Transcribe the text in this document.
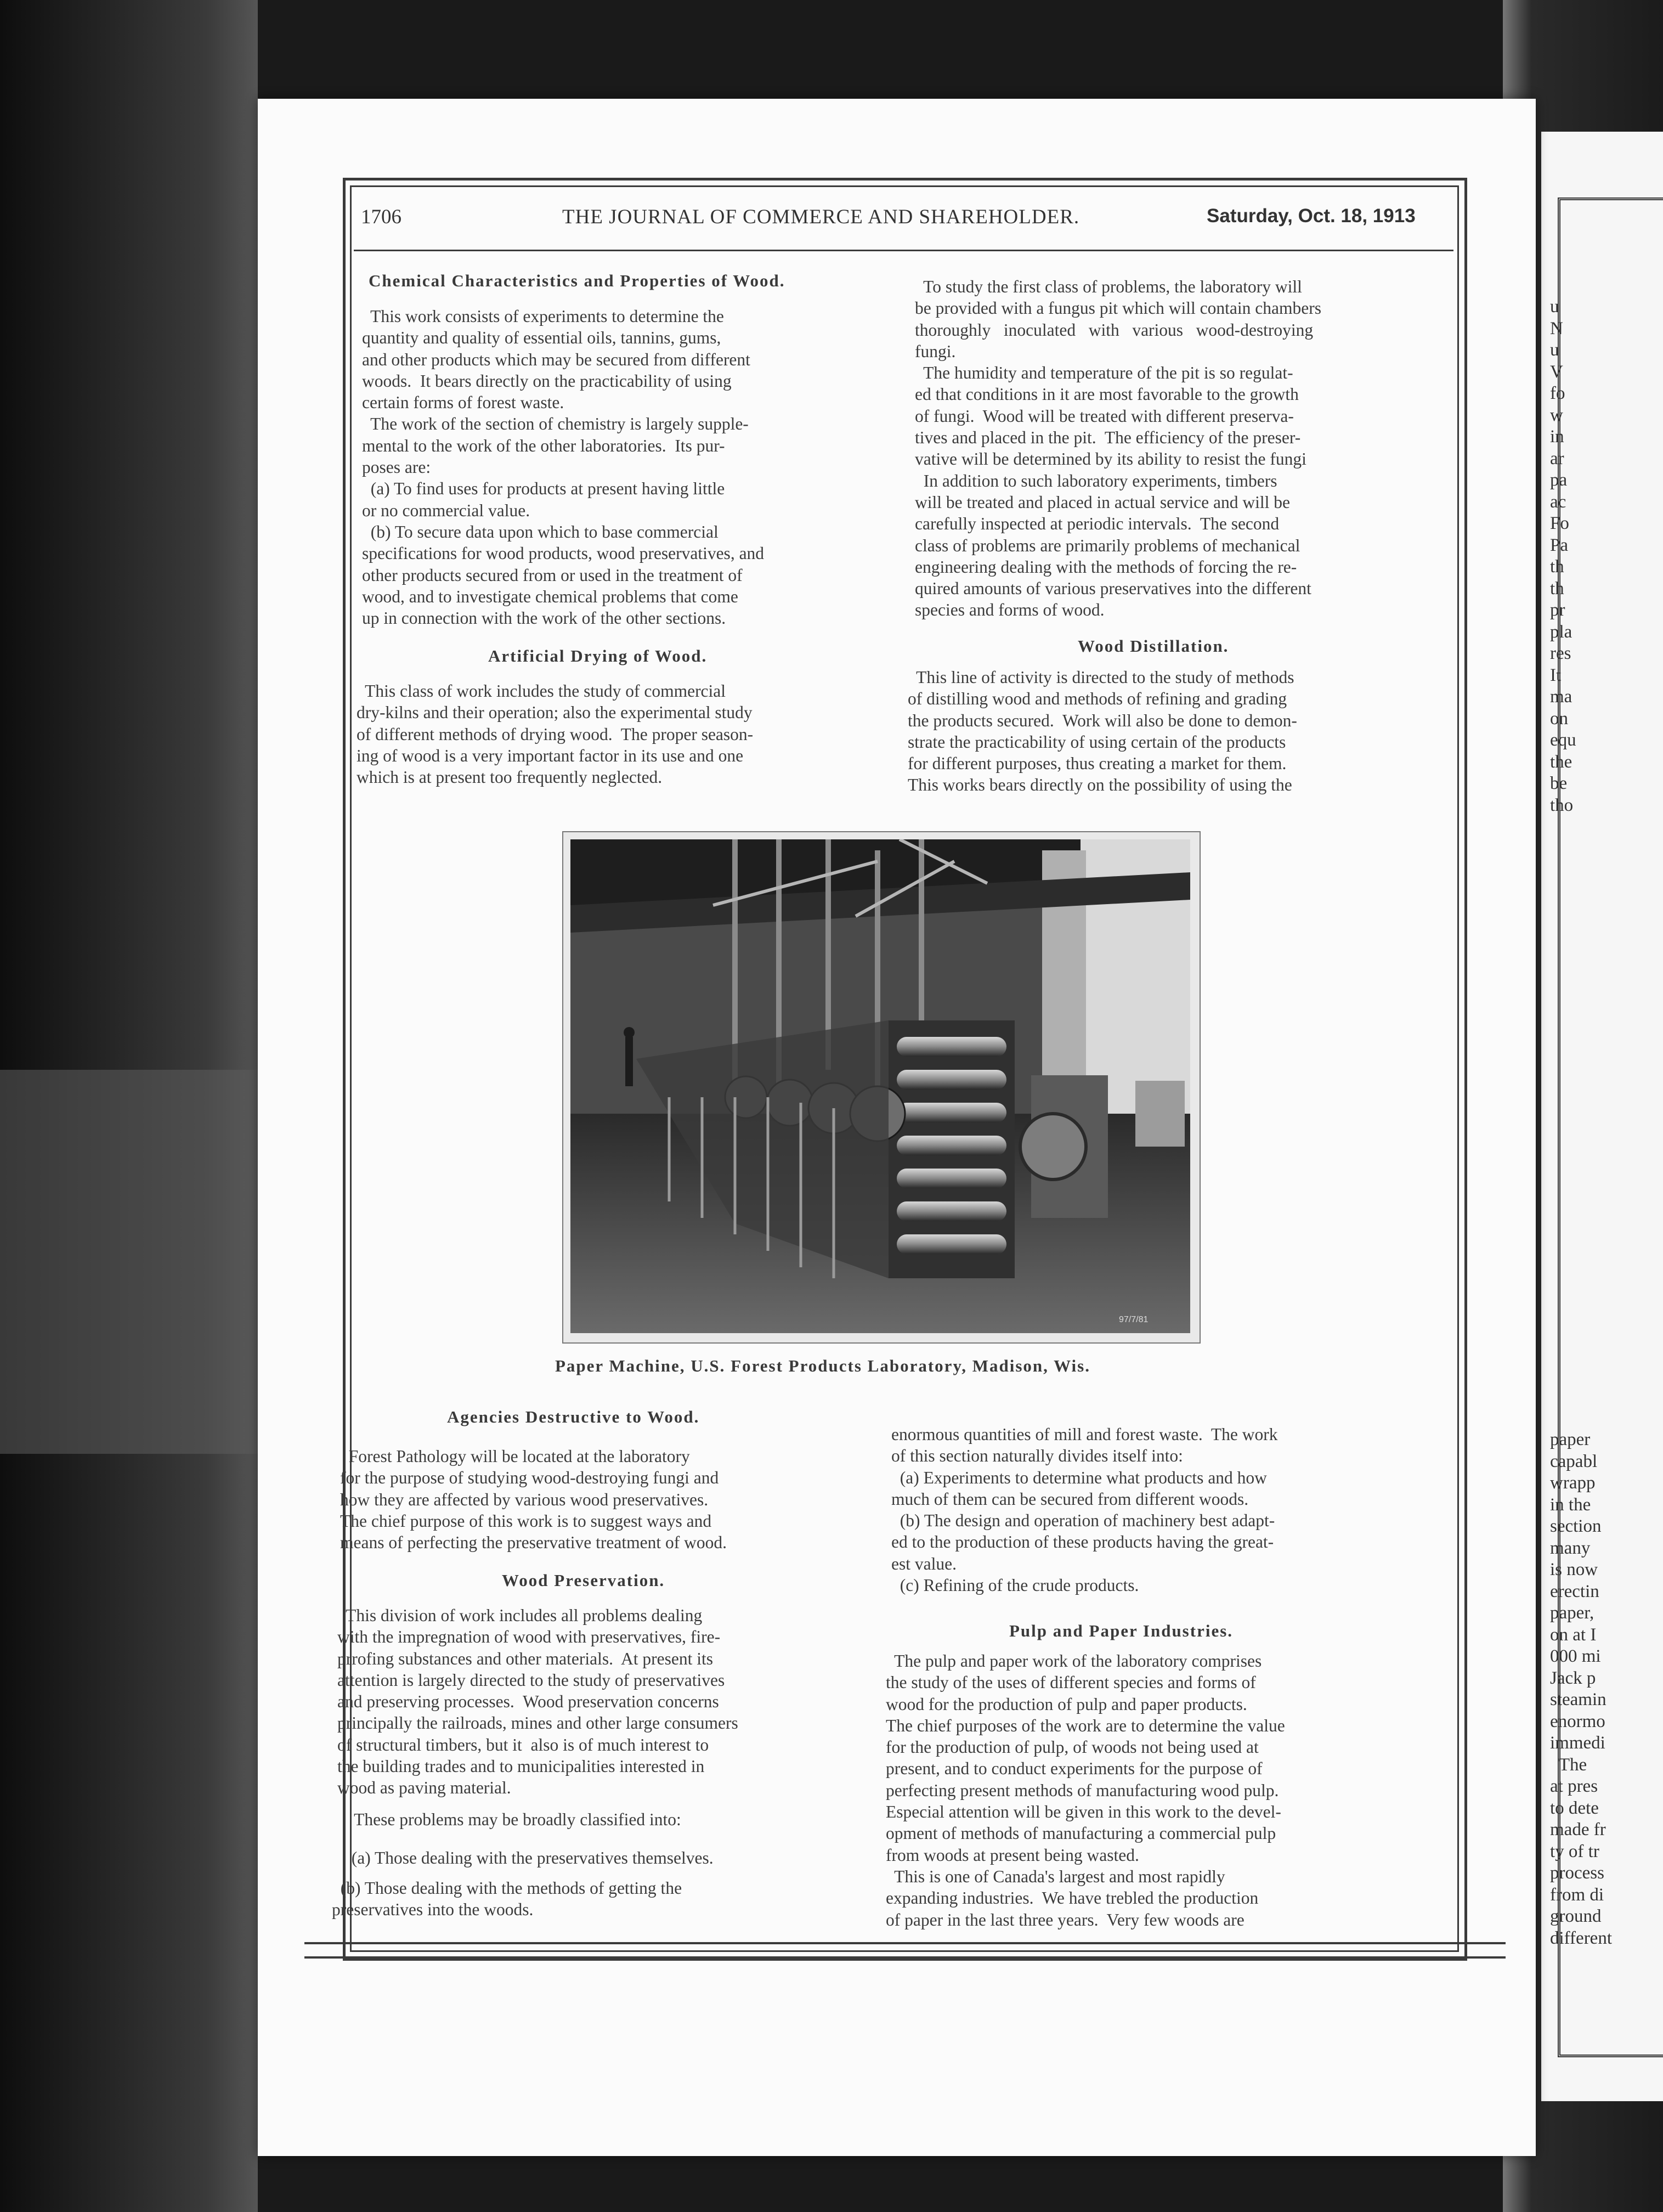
u
N
u
V
fo
w
in
ar
pa
ac
Fo
Pa
th
th
pr
pla
res
It
ma
on
equ
the
be
tho
paper
capabl
wrapp
in the
section
many
is now
erectin
paper,
on at I
000 mi
Jack p
steamin
enormo
immedi
The
at pres
to dete
made fr
ty of tr
process
from di
ground
different
1706	THE JOURNAL OF COMMERCE AND SHAREHOLDER.	Saturday, Oct. 18, 1913
Chemical Characteristics and Properties of Wood.
This work consists of experiments to determine the
quantity and quality of essential oils, tannins, gums,
and other products which may be secured from different
woods.  It bears directly on the practicability of using
certain forms of forest waste.
The work of the section of chemistry is largely supple-
mental to the work of the other laboratories.  Its pur-
poses are:
(a) To find uses for products at present having little
or no commercial value.
(b) To secure data upon which to base commercial
specifications for wood products, wood preservatives, and
other products secured from or used in the treatment of
wood, and to investigate chemical problems that come
up in connection with the work of the other sections.
Artificial Drying of Wood.
This class of work includes the study of commercial
dry-kilns and their operation; also the experimental study
of different methods of drying wood.  The proper season-
ing of wood is a very important factor in its use and one
which is at present too frequently neglected.
To study the first class of problems, the laboratory will
be provided with a fungus pit which will contain chambers
thoroughly   inoculated   with   various   wood-destroying
fungi.
The humidity and temperature of the pit is so regulat-
ed that conditions in it are most favorable to the growth
of fungi.  Wood will be treated with different preserva-
tives and placed in the pit.  The efficiency of the preser-
vative will be determined by its ability to resist the fungi
In addition to such laboratory experiments, timbers
will be treated and placed in actual service and will be
carefully inspected at periodic intervals.  The second
class of problems are primarily problems of mechanical
engineering dealing with the methods of forcing the re-
quired amounts of various preservatives into the different
species and forms of wood.
Wood Distillation.
This line of activity is directed to the study of methods
of distilling wood and methods of refining and grading
the products secured.  Work will also be done to demon-
strate the practicability of using certain of the products
for different purposes, thus creating a market for them.
This works bears directly on the possibility of using the
97/7/81
Paper Machine, U.S. Forest Products Laboratory, Madison, Wis.
Agencies Destructive to Wood.
Forest Pathology will be located at the laboratory
for the purpose of studying wood-destroying fungi and
how they are affected by various wood preservatives.
The chief purpose of this work is to suggest ways and
means of perfecting the preservative treatment of wood.
Wood Preservation.
This division of work includes all problems dealing
with the impregnation of wood with preservatives, fire-
prrofing substances and other materials.  At present its
attention is largely directed to the study of preservatives
and preserving processes.  Wood preservation concerns
principally the railroads, mines and other large consumers
of structural timbers, but it  also is of much interest to
the building trades and to municipalities interested in
wood as paving material.
These problems may be broadly classified into:
(a) Those dealing with the preservatives themselves.
(b) Those dealing with the methods of getting the
preservatives into the woods.
enormous quantities of mill and forest waste.  The work
of this section naturally divides itself into:
(a) Experiments to determine what products and how
much of them can be secured from different woods.
(b) The design and operation of machinery best adapt-
ed to the production of these products having the great-
est value.
(c) Refining of the crude products.
Pulp and Paper Industries.
The pulp and paper work of the laboratory comprises
the study of the uses of different species and forms of
wood for the production of pulp and paper products.
The chief purposes of the work are to determine the value
for the production of pulp, of woods not being used at
present, and to conduct experiments for the purpose of
perfecting present methods of manufacturing wood pulp.
Especial attention will be given in this work to the devel-
opment of methods of manufacturing a commercial pulp
from woods at present being wasted.
This is one of Canada's largest and most rapidly
expanding industries.  We have trebled the production
of paper in the last three years.  Very few woods are
